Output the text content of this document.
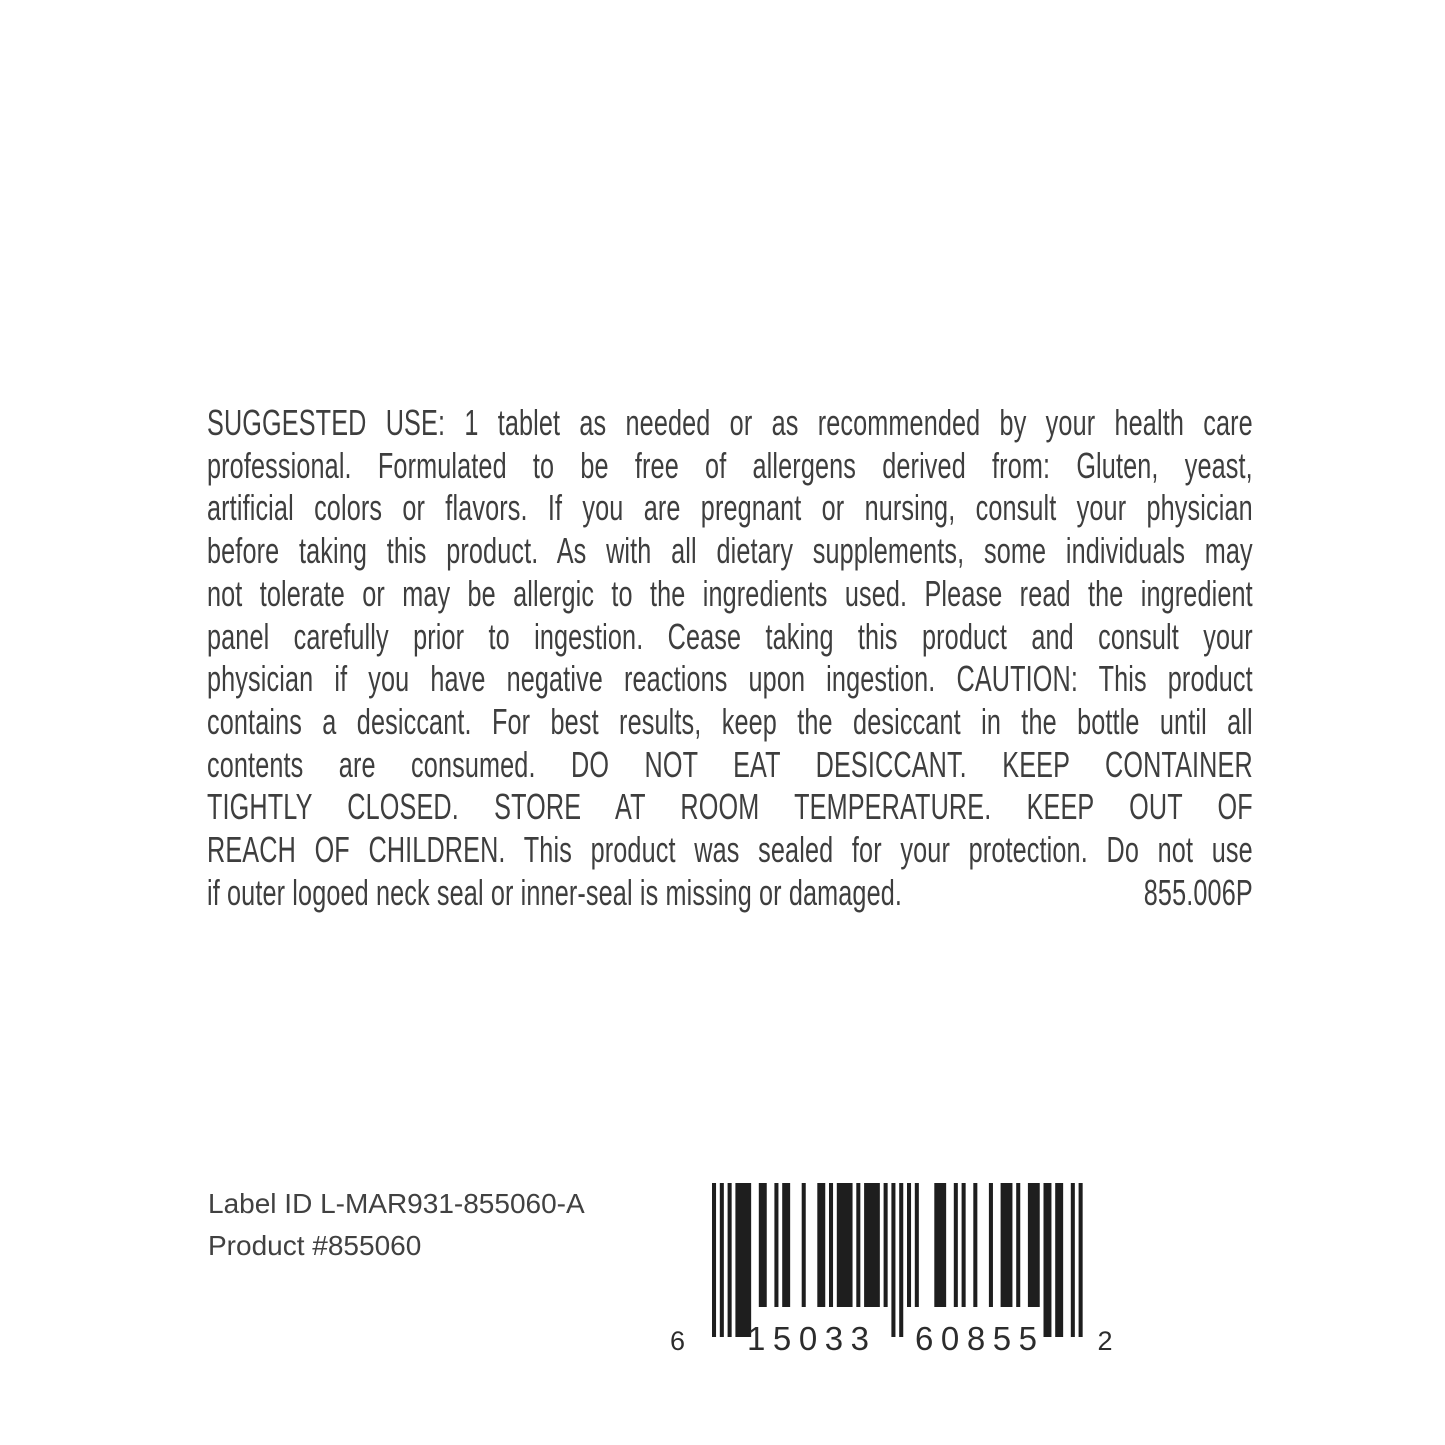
SUGGESTED USE: 1 tablet as needed or as recommended by your health care
professional. Formulated to be free of allergens derived from: Gluten, yeast,
artificial colors or flavors. If you are pregnant or nursing, consult your physician
before taking this product. As with all dietary supplements, some individuals may
not tolerate or may be allergic to the ingredients used. Please read the ingredient
panel carefully prior to ingestion. Cease taking this product and consult your
physician if you have negative reactions upon ingestion. CAUTION: This product
contains a desiccant. For best results, keep the desiccant in the bottle until all
contents are consumed. DO NOT EAT DESICCANT. KEEP CONTAINER
TIGHTLY CLOSED. STORE AT ROOM TEMPERATURE. KEEP OUT OF
REACH OF CHILDREN. This product was sealed for your protection. Do not use
if outer logoed neck seal or inner-seal is missing or damaged.	855.006P
Label ID L-MAR931-855060-A
Product #855060
6 15033 60855 2
